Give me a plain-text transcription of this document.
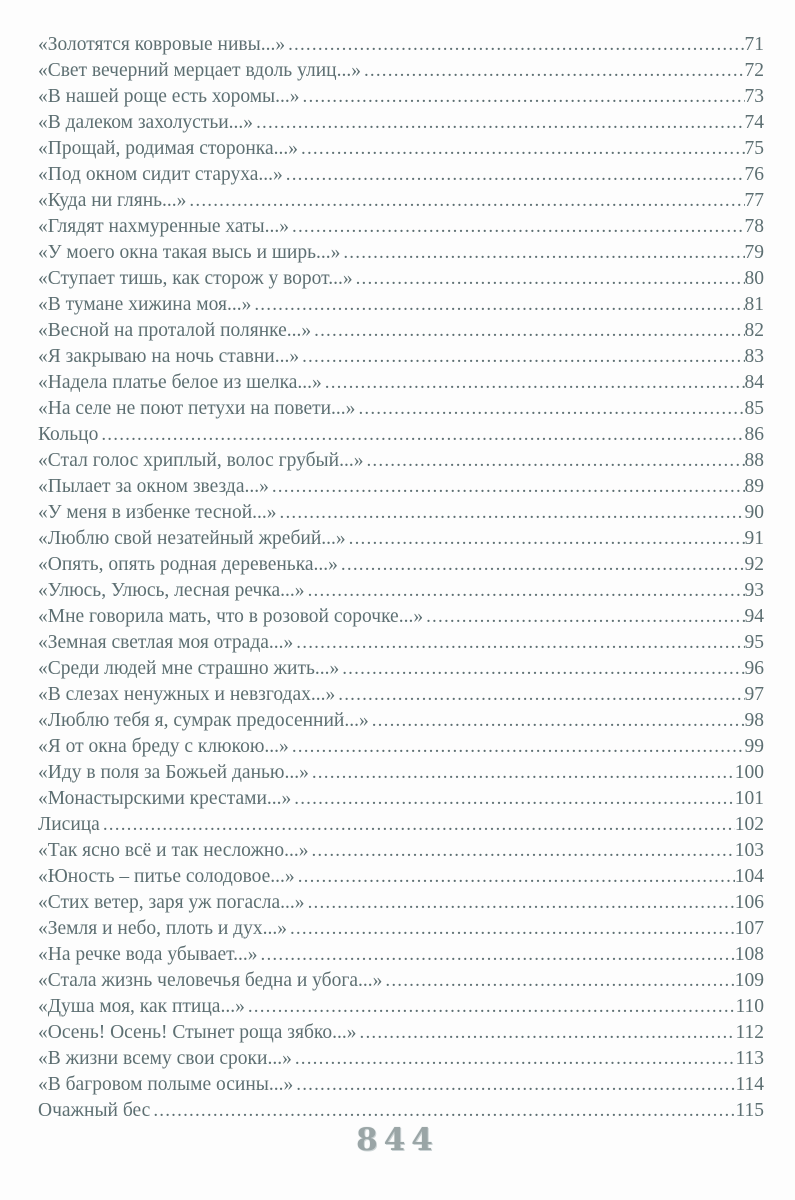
«Золотятся ковровые нивы...» .....	71
«Свет вечерний мерцает вдоль улиц...» .....	72
«В нашей роще есть хоромы...» .....	73
«В далеком захолустьи...» .....	74
«Прощай, родимая сторонка...» .....	75
«Под окном сидит старуха...» .....	76
«Куда ни глянь...» .....	77
«Глядят нахмуренные хаты...» .....	78
«У моего окна такая высь и ширь...» .....	79
«Ступает тишь, как сторож у ворот...» .....	80
«В тумане хижина моя...» .....	81
«Весной на проталой полянке...» .....	82
«Я закрываю на ночь ставни...» .....	83
«Надела платье белое из шелка...» .....	84
«На селе не поют петухи на повети...» .....	85
Кольцо .....	86
«Стал голос хриплый, волос грубый...» .....	88
«Пылает за окном звезда...» .....	89
«У меня в избенке тесной...» .....	90
«Люблю свой незатейный жребий...» .....	91
«Опять, опять родная деревенька...» .....	92
«Улюсь, Улюсь, лесная речка...» .....	93
«Мне говорила мать, что в розовой сорочке...» .....	94
«Земная светлая моя отрада...» .....	95
«Среди людей мне страшно жить...» .....	96
«В слезах ненужных и невзгодах...» .....	97
«Люблю тебя я, сумрак предосенний...» .....	98
«Я от окна бреду с клюкою...» .....	99
«Иду в поля за Божьей данью...» .....	100
«Монастырскими крестами...» .....	101
Лисица .....	102
«Так ясно всё и так несложно...» .....	103
«Юность – питье солодовое...» .....	104
«Стих ветер, заря уж погасла...» .....	106
«Земля и небо, плоть и дух...» .....	107
«На речке вода убывает...» .....	108
«Стала жизнь человечья бедна и убога...» .....	109
«Душа моя, как птица...» .....	110
«Осень! Осень! Стынет роща зябко...» .....	112
«В жизни всему свои сроки...» .....	113
«В багровом полыме осины...» .....	114
Очажный бес .....	115
844
